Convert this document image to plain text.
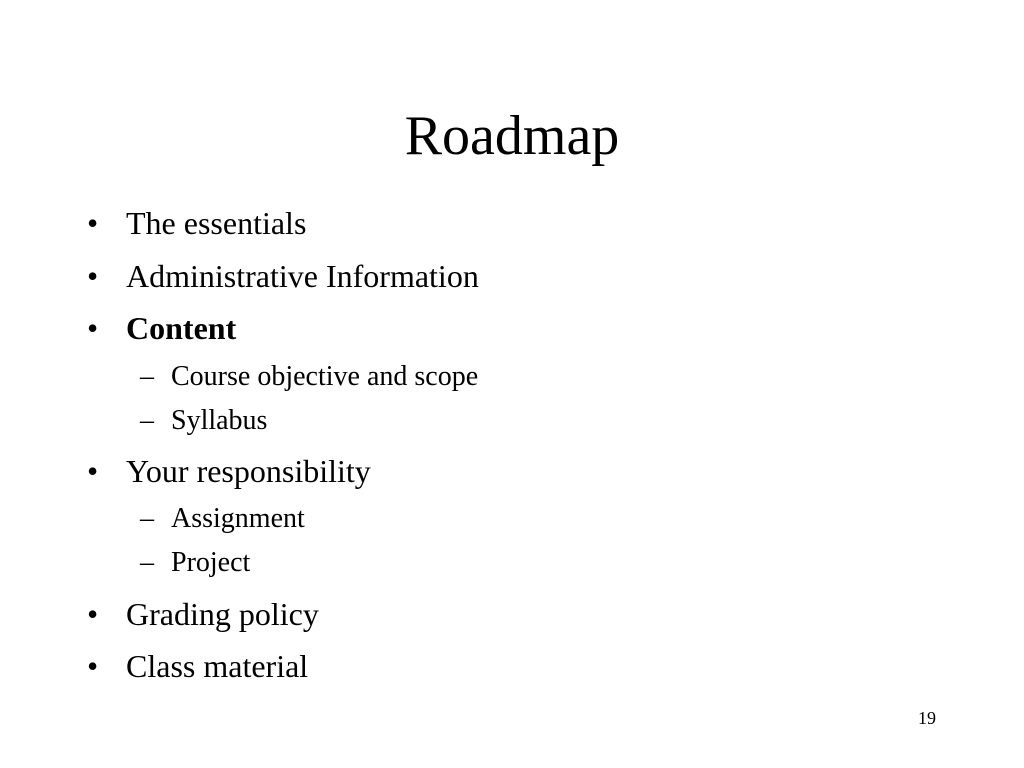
Roadmap
• The essentials
• Administrative Information
• Content
– Course objective and scope
– Syllabus
• Your responsibility
– Assignment
– Project
• Grading policy
• Class material
19
